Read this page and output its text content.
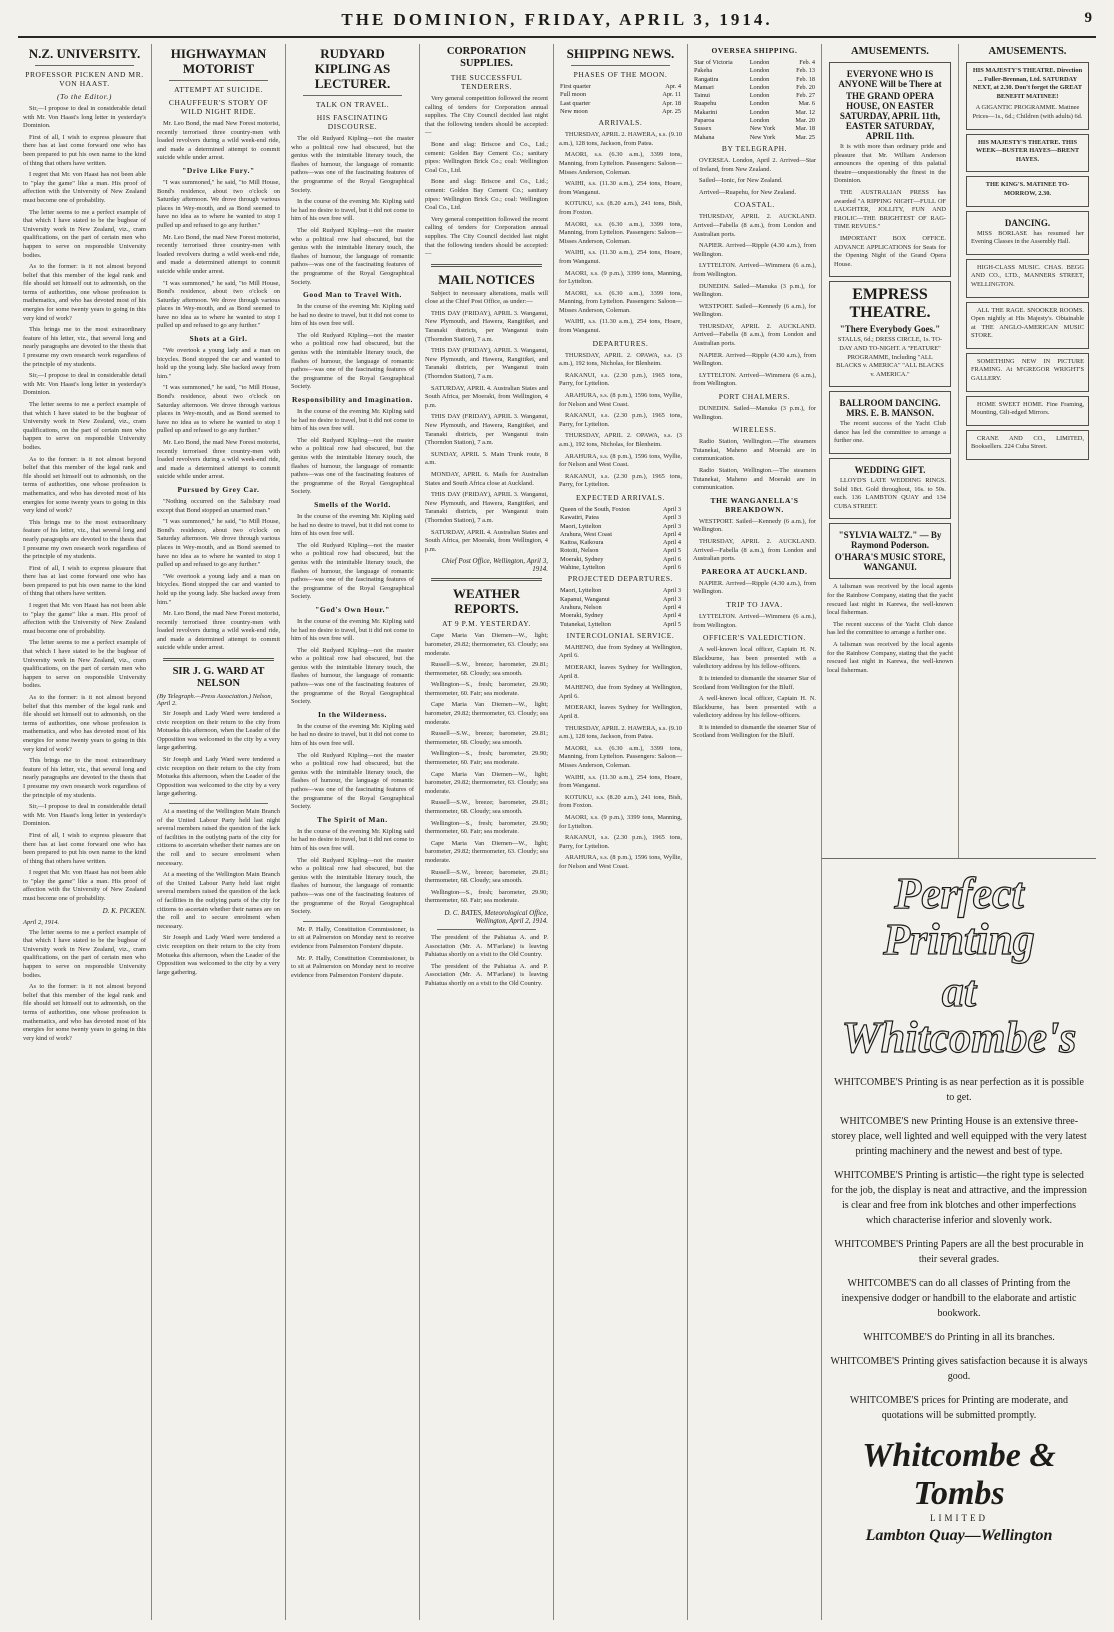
THE DOMINION, FRIDAY, APRIL 3, 1914.	9
N.Z. UNIVERSITY.
PROFESSOR PICKEN AND MR. VON HAAST.
(To the Editor.)

Sir,—I propose to deal in considerable detail with Mr. Von Haast's long letter in yesterday's Dominion.

First of all, I wish to express pleasure that there has at last come forward one who has been prepared to put his own name to the kind of thing that others have written.

I regret that Mr. von Haast has not been able to "play the game" like a man. His proof of affection with the University of New Zealand must become one of probability.

The letter seems to me a perfect example of that which I have stated to be the bugbear of University work in New Zealand, viz., cram qualifications, on the part of certain men who happen to serve on responsible University bodies.

As to the former: is it not almost beyond belief that this member of the legal rank and file should set himself out to admonish, on the terms of authorities, one whose profession is mathematics, and who has devoted most of his energies for some twenty years to going in this very kind of work?

This brings me to the most extraordinary feature of his letter, viz., that several long and nearly paragraphs are devoted to the thesis that I presume my own research work regardless of the principle of my students.

Sir,—I propose to deal in considerable detail with Mr. Von Haast's long letter in yesterday's Dominion.

The letter seems to me a perfect example of that which I have stated to be the bugbear of University work in New Zealand, viz., cram qualifications, on the part of certain men who happen to serve on responsible University bodies.

As to the former: is it not almost beyond belief that this member of the legal rank and file should set himself out to admonish, on the terms of authorities, one whose profession is mathematics, and who has devoted most of his energies for some twenty years to going in this very kind of work?

This brings me to the most extraordinary feature of his letter, viz., that several long and nearly paragraphs are devoted to the thesis that I presume my own research work regardless of the principle of my students.

First of all, I wish to express pleasure that there has at last come forward one who has been prepared to put his own name to the kind of thing that others have written.

I regret that Mr. von Haast has not been able to "play the game" like a man. His proof of affection with the University of New Zealand must become one of probability.

The letter seems to me a perfect example of that which I have stated to be the bugbear of University work in New Zealand, viz., cram qualifications, on the part of certain men who happen to serve on responsible University bodies.

As to the former: is it not almost beyond belief that this member of the legal rank and file should set himself out to admonish, on the terms of authorities, one whose profession is mathematics, and who has devoted most of his energies for some twenty years to going in this very kind of work?

This brings me to the most extraordinary feature of his letter, viz., that several long and nearly paragraphs are devoted to the thesis that I presume my own research work regardless of the principle of my students.

Sir,—I propose to deal in considerable detail with Mr. Von Haast's long letter in yesterday's Dominion.

First of all, I wish to express pleasure that there has at last come forward one who has been prepared to put his own name to the kind of thing that others have written.

I regret that Mr. von Haast has not been able to "play the game" like a man. His proof of affection with the University of New Zealand must become one of probability.

D. K. PICKEN.
April 2, 1914.

The letter seems to me a perfect example of that which I have stated to be the bugbear of University work in New Zealand, viz., cram qualifications, on the part of certain men who happen to serve on responsible University bodies.

As to the former: is it not almost beyond belief that this member of the legal rank and file should set himself out to admonish, on the terms of authorities, one whose profession is mathematics, and who has devoted most of his energies for some twenty years to going in this very kind of work?

HIGHWAYMAN MOTORIST
ATTEMPT AT SUICIDE.
CHAUFFEUR'S STORY OF WILD NIGHT RIDE.

Mr. Leo Bond, the mad New Forest motorist, recently terrorised three country-men with loaded revolvers during a wild week-end ride, and made a determined attempt to commit suicide while under arrest.

"Drive Like Fury."

"I was summoned," he said, "to Mill House, Bond's residence, about two o'clock on Saturday afternoon. We drove through various places in Wey-mouth, and as Bond seemed to have no idea as to where he wanted to stop I pulled up and refused to go any further."

Mr. Leo Bond, the mad New Forest motorist, recently terrorised three country-men with loaded revolvers during a wild week-end ride, and made a determined attempt to commit suicide while under arrest.

"I was summoned," he said, "to Mill House, Bond's residence, about two o'clock on Saturday afternoon. We drove through various places in Wey-mouth, and as Bond seemed to have no idea as to where he wanted to stop I pulled up and refused to go any further."

Shots at a Girl.

"We overtook a young lady and a man on bicycles. Bond stopped the car and wanted to hold up the young lady. She backed away from him."

"I was summoned," he said, "to Mill House, Bond's residence, about two o'clock on Saturday afternoon. We drove through various places in Wey-mouth, and as Bond seemed to have no idea as to where he wanted to stop I pulled up and refused to go any further."

Mr. Leo Bond, the mad New Forest motorist, recently terrorised three country-men with loaded revolvers during a wild week-end ride, and made a determined attempt to commit suicide while under arrest.

Pursued by Grey Car.

"Nothing occurred on the Salisbury road except that Bond stopped an unarmed man."

"I was summoned," he said, "to Mill House, Bond's residence, about two o'clock on Saturday afternoon. We drove through various places in Wey-mouth, and as Bond seemed to have no idea as to where he wanted to stop I pulled up and refused to go any further."

"We overtook a young lady and a man on bicycles. Bond stopped the car and wanted to hold up the young lady. She backed away from him."

Mr. Leo Bond, the mad New Forest motorist, recently terrorised three country-men with loaded revolvers during a wild week-end ride, and made a determined attempt to commit suicide while under arrest.

SIR J. G. WARD AT NELSON
(By Telegraph.—Press Association.) Nelson, April 2.

Sir Joseph and Lady Ward were tendered a civic reception on their return to the city from Motueka this afternoon, when the Leader of the Opposition was welcomed to the city by a very large gathering.

Sir Joseph and Lady Ward were tendered a civic reception on their return to the city from Motueka this afternoon, when the Leader of the Opposition was welcomed to the city by a very large gathering.

At a meeting of the Wellington Main Branch of the United Labour Party held last night several members raised the question of the lack of facilities in the outlying parts of the city for citizens to ascertain whether their names are on the roll and to secure enrolment when necessary.

At a meeting of the Wellington Main Branch of the United Labour Party held last night several members raised the question of the lack of facilities in the outlying parts of the city for citizens to ascertain whether their names are on the roll and to secure enrolment when necessary.

Sir Joseph and Lady Ward were tendered a civic reception on their return to the city from Motueka this afternoon, when the Leader of the Opposition was welcomed to the city by a very large gathering.

RUDYARD KIPLING AS LECTURER.
TALK ON TRAVEL.
HIS FASCINATING DISCOURSE.

The old Rudyard Kipling—not the master who a political row had obscured, but the genius with the inimitable literary touch, the flashes of humour, the language of romantic pathos—was one of the fascinating features of the programme of the Royal Geographical Society.

In the course of the evening Mr. Kipling said he had no desire to travel, but it did not come to him of his own free will.

The old Rudyard Kipling—not the master who a political row had obscured, but the genius with the inimitable literary touch, the flashes of humour, the language of romantic pathos—was one of the fascinating features of the programme of the Royal Geographical Society.

Good Man to Travel With.

In the course of the evening Mr. Kipling said he had no desire to travel, but it did not come to him of his own free will.

The old Rudyard Kipling—not the master who a political row had obscured, but the genius with the inimitable literary touch, the flashes of humour, the language of romantic pathos—was one of the fascinating features of the programme of the Royal Geographical Society.

Responsibility and Imagination.

In the course of the evening Mr. Kipling said he had no desire to travel, but it did not come to him of his own free will.

The old Rudyard Kipling—not the master who a political row had obscured, but the genius with the inimitable literary touch, the flashes of humour, the language of romantic pathos—was one of the fascinating features of the programme of the Royal Geographical Society.

Smells of the World.

In the course of the evening Mr. Kipling said he had no desire to travel, but it did not come to him of his own free will.

The old Rudyard Kipling—not the master who a political row had obscured, but the genius with the inimitable literary touch, the flashes of humour, the language of romantic pathos—was one of the fascinating features of the programme of the Royal Geographical Society.

"God's Own Hour."

In the course of the evening Mr. Kipling said he had no desire to travel, but it did not come to him of his own free will.

The old Rudyard Kipling—not the master who a political row had obscured, but the genius with the inimitable literary touch, the flashes of humour, the language of romantic pathos—was one of the fascinating features of the programme of the Royal Geographical Society.

In the Wilderness.

In the course of the evening Mr. Kipling said he had no desire to travel, but it did not come to him of his own free will.

The old Rudyard Kipling—not the master who a political row had obscured, but the genius with the inimitable literary touch, the flashes of humour, the language of romantic pathos—was one of the fascinating features of the programme of the Royal Geographical Society.

The Spirit of Man.

In the course of the evening Mr. Kipling said he had no desire to travel, but it did not come to him of his own free will.

The old Rudyard Kipling—not the master who a political row had obscured, but the genius with the inimitable literary touch, the flashes of humour, the language of romantic pathos—was one of the fascinating features of the programme of the Royal Geographical Society.

Mr. P. Hally, Constitution Commissioner, is to sit at Palmerston on Monday next to receive evidence from Palmerston Forsters' dispute.

Mr. P. Hally, Constitution Commissioner, is to sit at Palmerston on Monday next to receive evidence from Palmerston Forsters' dispute.

CORPORATION SUPPLIES.
THE SUCCESSFUL TENDERERS.

Very general competition followed the recent calling of tenders for Corporation annual supplies. The City Council decided last night that the following tenders should be accepted:—

Bone and slag: Briscoe and Co., Ltd.; cement: Golden Bay Cement Co.; sanitary pipes: Wellington Brick Co.; coal: Wellington Coal Co., Ltd.

Bone and slag: Briscoe and Co., Ltd.; cement: Golden Bay Cement Co.; sanitary pipes: Wellington Brick Co.; coal: Wellington Coal Co., Ltd.

Very general competition followed the recent calling of tenders for Corporation annual supplies. The City Council decided last night that the following tenders should be accepted:—

MAIL NOTICES

Subject to necessary alterations, mails will close at the Chief Post Office, as under:—

THIS DAY (FRIDAY), APRIL 3. Wanganui, New Plymouth, and Hawera, Rangitikei, and Taranaki districts, per Wanganui train (Thorndon Station), 7 a.m.

THIS DAY (FRIDAY), APRIL 3. Wanganui, New Plymouth, and Hawera, Rangitikei, and Taranaki districts, per Wanganui train (Thorndon Station), 7 a.m.

SATURDAY, APRIL 4. Australian States and South Africa, per Moeraki, from Wellington, 4 p.m.

THIS DAY (FRIDAY), APRIL 3. Wanganui, New Plymouth, and Hawera, Rangitikei, and Taranaki districts, per Wanganui train (Thorndon Station), 7 a.m.

SUNDAY, APRIL 5. Main Trunk route, 8 a.m.

MONDAY, APRIL 6. Mails for Australian States and South Africa close at Auckland.

THIS DAY (FRIDAY), APRIL 3. Wanganui, New Plymouth, and Hawera, Rangitikei, and Taranaki districts, per Wanganui train (Thorndon Station), 7 a.m.

SATURDAY, APRIL 4. Australian States and South Africa, per Moeraki, from Wellington, 4 p.m.

Chief Post Office, Wellington, April 3, 1914.
WEATHER REPORTS.
AT 9 P.M. YESTERDAY.

Cape Maria Van Diemen—W., light; barometer, 29.82; thermometer, 63. Cloudy; sea moderate.

Russell—S.W., breeze; barometer, 29.81; thermometer, 68. Cloudy; sea smooth.

Wellington—S., fresh; barometer, 29.90; thermometer, 60. Fair; sea moderate.

Cape Maria Van Diemen—W., light; barometer, 29.82; thermometer, 63. Cloudy; sea moderate.

Russell—S.W., breeze; barometer, 29.81; thermometer, 68. Cloudy; sea smooth.

Wellington—S., fresh; barometer, 29.90; thermometer, 60. Fair; sea moderate.

Cape Maria Van Diemen—W., light; barometer, 29.82; thermometer, 63. Cloudy; sea moderate.

Russell—S.W., breeze; barometer, 29.81; thermometer, 68. Cloudy; sea smooth.

Wellington—S., fresh; barometer, 29.90; thermometer, 60. Fair; sea moderate.

Cape Maria Van Diemen—W., light; barometer, 29.82; thermometer, 63. Cloudy; sea moderate.

Russell—S.W., breeze; barometer, 29.81; thermometer, 68. Cloudy; sea smooth.

Wellington—S., fresh; barometer, 29.90; thermometer, 60. Fair; sea moderate.

D. C. BATES, Meteorological Office, Wellington, April 2, 1914.

The president of the Pahiatua A. and P. Association (Mr. A. M'Farlane) is leaving Pahiatua shortly on a visit to the Old Country.

The president of the Pahiatua A. and P. Association (Mr. A. M'Farlane) is leaving Pahiatua shortly on a visit to the Old Country.

SHIPPING NEWS.
PHASES OF THE MOON.
First quarter	Apr. 4
Full moon	Apr. 11
Last quarter	Apr. 18
New moon	Apr. 25
ARRIVALS.

THURSDAY, APRIL 2. HAWERA, s.s. (9.10 a.m.), 128 tons, Jackson, from Patea.

MAORI, s.s. (6.30 a.m.), 3399 tons, Manning, from Lyttelton. Passengers: Saloon—Misses Anderson, Coleman.

WAIHI, s.s. (11.30 a.m.), 254 tons, Hoare, from Wanganui.

KOTUKU, s.s. (8.20 a.m.), 241 tons, Bish, from Foxton.

MAORI, s.s. (6.30 a.m.), 3399 tons, Manning, from Lyttelton. Passengers: Saloon—Misses Anderson, Coleman.

WAIHI, s.s. (11.30 a.m.), 254 tons, Hoare, from Wanganui.

MAORI, s.s. (9 p.m.), 3399 tons, Manning, for Lyttelton.

MAORI, s.s. (6.30 a.m.), 3399 tons, Manning, from Lyttelton. Passengers: Saloon—Misses Anderson, Coleman.

WAIHI, s.s. (11.30 a.m.), 254 tons, Hoare, from Wanganui.

DEPARTURES.

THURSDAY, APRIL 2. OPAWA, s.s. (3 a.m.), 192 tons, Nicholas, for Blenheim.

RAKANUI, s.s. (2.30 p.m.), 1965 tons, Parry, for Lyttelton.

ARAHURA, s.s. (8 p.m.), 1596 tons, Wyllie, for Nelson and West Coast.

RAKANUI, s.s. (2.30 p.m.), 1965 tons, Parry, for Lyttelton.

THURSDAY, APRIL 2. OPAWA, s.s. (3 a.m.), 192 tons, Nicholas, for Blenheim.

ARAHURA, s.s. (8 p.m.), 1596 tons, Wyllie, for Nelson and West Coast.

RAKANUI, s.s. (2.30 p.m.), 1965 tons, Parry, for Lyttelton.

EXPECTED ARRIVALS.
Queen of the South, Foxton	April 3
Kawatiri, Patea	April 3
Maori, Lyttelton	April 3
Arahura, West Coast	April 4
Kaitoa, Kaikoura	April 4
Rotoiti, Nelson	April 5
Moeraki, Sydney	April 6
Wahine, Lyttelton	April 6
PROJECTED DEPARTURES.
Maori, Lyttelton	April 3
Kapanui, Wanganui	April 3
Arahura, Nelson	April 4
Moeraki, Sydney	April 4
Tutanekai, Lyttelton	April 5
INTERCOLONIAL SERVICE.

MAHENO, due from Sydney at Wellington, April 6.

MOERAKI, leaves Sydney for Wellington, April 8.

MAHENO, due from Sydney at Wellington, April 6.

MOERAKI, leaves Sydney for Wellington, April 8.

THURSDAY, APRIL 2. HAWERA, s.s. (9.10 a.m.), 128 tons, Jackson, from Patea.

MAORI, s.s. (6.30 a.m.), 3399 tons, Manning, from Lyttelton. Passengers: Saloon—Misses Anderson, Coleman.

WAIHI, s.s. (11.30 a.m.), 254 tons, Hoare, from Wanganui.

KOTUKU, s.s. (8.20 a.m.), 241 tons, Bish, from Foxton.

MAORI, s.s. (9 p.m.), 3399 tons, Manning, for Lyttelton.

RAKANUI, s.s. (2.30 p.m.), 1965 tons, Parry, for Lyttelton.

ARAHURA, s.s. (8 p.m.), 1596 tons, Wyllie, for Nelson and West Coast.

OVERSEA SHIPPING.
Star of Victoria	London	Feb. 4
Pakeha	London	Feb. 13
Rangatira	London	Feb. 18
Mamari	London	Feb. 20
Tainui	London	Feb. 27
Ruapehu	London	Mar. 6
Makarini	London	Mar. 12
Paparoa	London	Mar. 20
Sussex	New York	Mar. 18
Mahana	New York	Mar. 25
BY TELEGRAPH.

OVERSEA. London, April 2. Arrived—Star of Ireland, from New Zealand.

Sailed—Ionic, for New Zealand.

Arrived—Ruapehu, for New Zealand.

COASTAL.

THURSDAY, APRIL 2. AUCKLAND. Arrived—Fabella (8 a.m.), from London and Australian ports.

NAPIER. Arrived—Ripple (4.30 a.m.), from Wellington.

LYTTELTON. Arrived—Wimmera (6 a.m.), from Wellington.

DUNEDIN. Sailed—Manuka (3 p.m.), for Wellington.

WESTPORT. Sailed—Kennedy (6 a.m.), for Wellington.

THURSDAY, APRIL 2. AUCKLAND. Arrived—Fabella (8 a.m.), from London and Australian ports.

NAPIER. Arrived—Ripple (4.30 a.m.), from Wellington.

LYTTELTON. Arrived—Wimmera (6 a.m.), from Wellington.

PORT CHALMERS.

DUNEDIN. Sailed—Manuka (3 p.m.), for Wellington.

WIRELESS.

Radio Station, Wellington.—The steamers Tutanekai, Maheno and Moeraki are in communication.

Radio Station, Wellington.—The steamers Tutanekai, Maheno and Moeraki are in communication.

THE WANGANELLA'S BREAKDOWN.

WESTPORT. Sailed—Kennedy (6 a.m.), for Wellington.

THURSDAY, APRIL 2. AUCKLAND. Arrived—Fabella (8 a.m.), from London and Australian ports.

PAREORA AT AUCKLAND.

NAPIER. Arrived—Ripple (4.30 a.m.), from Wellington.

TRIP TO JAVA.

LYTTELTON. Arrived—Wimmera (6 a.m.), from Wellington.

OFFICER'S VALEDICTION.

A well-known local officer, Captain H. N. Blackburne, has been presented with a valedictory address by his fellow-officers.

It is intended to dismantle the steamer Star of Scotland from Wellington for the Bluff.

A well-known local officer, Captain H. N. Blackburne, has been presented with a valedictory address by his fellow-officers.

It is intended to dismantle the steamer Star of Scotland from Wellington for the Bluff.

AMUSEMENTS.
EVERYONE WHO IS ANYONE Will be There at
THE GRAND OPERA HOUSE, ON EASTER SATURDAY, APRIL 11th, EASTER SATURDAY, APRIL 11th.

It is with more than ordinary pride and pleasure that Mr. William Anderson announces the opening of this palatial theatre—unquestionably the finest in the Dominion.

THE AUSTRALIAN PRESS has awarded "A RIPPING NIGHT—FULL OF LAUGHTER, JOLLITY, FUN AND FROLIC—THE BRIGHTEST OF RAG-TIME REVUES."

IMPORTANT BOX OFFICE. ADVANCE APPLICATIONS for Seats for the Opening Night of the Grand Opera House.

EMPRESS THEATRE.
"There Everybody Goes."

STALLS, 6d.; DRESS CIRCLE, 1s. TO-DAY AND TO-NIGHT. A "FEATURE" PROGRAMME, Including "ALL BLACKS v. AMERICA" "ALL BLACKS v. AMERICA."

BALLROOM DANCING. MRS. E. B. MANSON.

The recent success of the Yacht Club dance has led the committee to arrange a further one.

WEDDING GIFT.

LLOYD'S LATE WEDDING RINGS. Solid 18ct. Gold throughout, 16s. to 50s. each. 136 LAMBTON QUAY and 134 CUBA STREET.

"SYLVIA WALTZ." — By Raymond Poderson.
O'HARA'S MUSIC STORE, WANGANUI.

A talisman was received by the local agents for the Rainbow Company, stating that the yacht rescued last night in Karewa, the well-known local fisherman.

The recent success of the Yacht Club dance has led the committee to arrange a further one.

A talisman was received by the local agents for the Rainbow Company, stating that the yacht rescued last night in Karewa, the well-known local fisherman.

AMUSEMENTS.

HIS MAJESTY'S THEATRE. Direction ... Fuller-Brennan, Ltd. SATURDAY NEXT, at 2.30. Don't forget the GREAT BENEFIT MATINEE!

A GIGANTIC PROGRAMME. Matinee Prices—1s., 6d.; Children (with adults) 6d.

HIS MAJESTY'S THEATRE. THIS WEEK—BUSTER HAYES—BRENT HAYES.

THE KING'S. MATINEE TO-MORROW, 2.30.

DANCING.

MISS BORLASE has resumed her Evening Classes in the Assembly Hall.

HIGH-CLASS MUSIC. CHAS. BEGG AND CO., LTD., MANNERS STREET, WELLINGTON.

ALL THE RAGE. SNOOKER ROOMS. Open nightly at His Majesty's. Obtainable at THE ANGLO-AMERICAN MUSIC STORE.

SOMETHING NEW IN PICTURE FRAMING. At M'GREGOR WRIGHT'S GALLERY.

HOME SWEET HOME. Fine Framing, Mounting, Gilt-edged Mirrors.

CRANE AND CO., LIMITED, Booksellers. 224 Cuba Street.

Perfect Printing
at Whitcombe's
WHITCOMBE'S Printing is as near perfection as it is possible to get.
WHITCOMBE'S new Printing House is an extensive three-storey place, well lighted and well equipped with the very latest printing machinery and the newest and best of type.
WHITCOMBE'S Printing is artistic—the right type is selected for the job, the display is neat and attractive, and the impression is clear and free from ink blotches and other imperfections which characterise inferior and slovenly work.
WHITCOMBE'S Printing Papers are all the best procurable in their several grades.
WHITCOMBE'S can do all classes of Printing from the inexpensive dodger or handbill to the elaborate and artistic bookwork.
WHITCOMBE'S do Printing in all its branches.
WHITCOMBE'S Printing gives satisfaction because it is always good.
WHITCOMBE'S prices for Printing are moderate, and quotations will be submitted promptly.
Whitcombe & Tombs
LIMITED
Lambton Quay—Wellington
